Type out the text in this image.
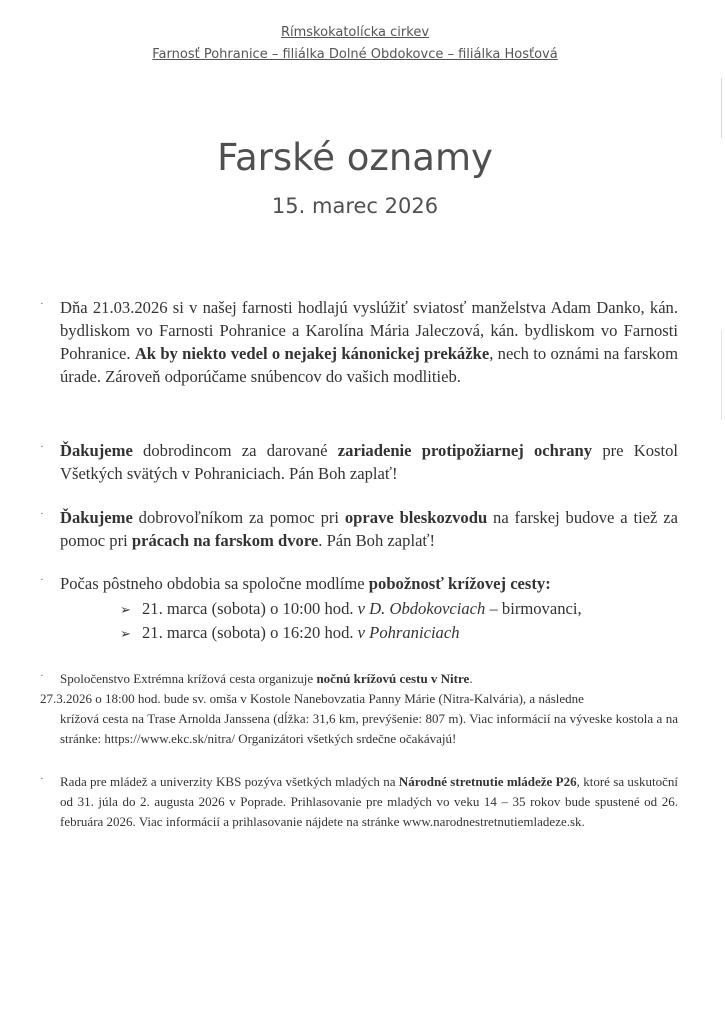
Rímskokatolícka cirkev
Farnosť Pohranice – filiálka Dolné Obdokovce – filiálka Hosťová
Farské oznamy
15. marec 2026
· Dňa 21.03.2026 si v našej farnosti hodlajú vyslúžiť sviatosť manželstva Adam Danko, kán. bydliskom vo Farnosti Pohranice a Karolína Mária Jaleczová, kán. bydliskom vo Farnosti Pohranice. Ak by niekto vedel o nejakej kánonickej prekážke, nech to oznámi na farskom úrade. Zároveň odporúčame snúbencov do vašich modlitieb.
· Ďakujeme dobrodincom za darované zariadenie protipožiarnej ochrany pre Kostol Všetkých svätých v Pohraniciach. Pán Boh zaplať!
· Ďakujeme dobrovoľníkom za pomoc pri oprave bleskozvodu na farskej budove a tiež za pomoc pri prácach na farskom dvore. Pán Boh zaplať!
· Počas pôstneho obdobia sa spoločne modlíme pobožnosť krížovej cesty:
➢ 21. marca (sobota) o 10:00 hod. v D. Obdokovciach – birmovanci,
➢ 21. marca (sobota) o 16:20 hod. v Pohraniciach
· Spoločenstvo Extrémna krížová cesta organizuje nočnú krížovú cestu v Nitre.
27.3.2026 o 18:00 hod. bude sv. omša v Kostole Nanebovzatia Panny Márie (Nitra-Kalvária), a následne
krížová cesta na Trase Arnolda Janssena (dĺžka: 31,6 km, prevýšenie: 807 m). Viac informácií na výveske kostola a na stránke: https://www.ekc.sk/nitra/ Organizátori všetkých srdečne očakávajú!
· Rada pre mládež a univerzity KBS pozýva všetkých mladých na Národné stretnutie mládeže P26, ktoré sa uskutoční od 31. júla do 2. augusta 2026 v Poprade. Prihlasovanie pre mladých vo veku 14 – 35 rokov bude spustené od 26. februára 2026. Viac informácií a prihlasovanie nájdete na stránke www.narodnestretnutiemladeze.sk.
